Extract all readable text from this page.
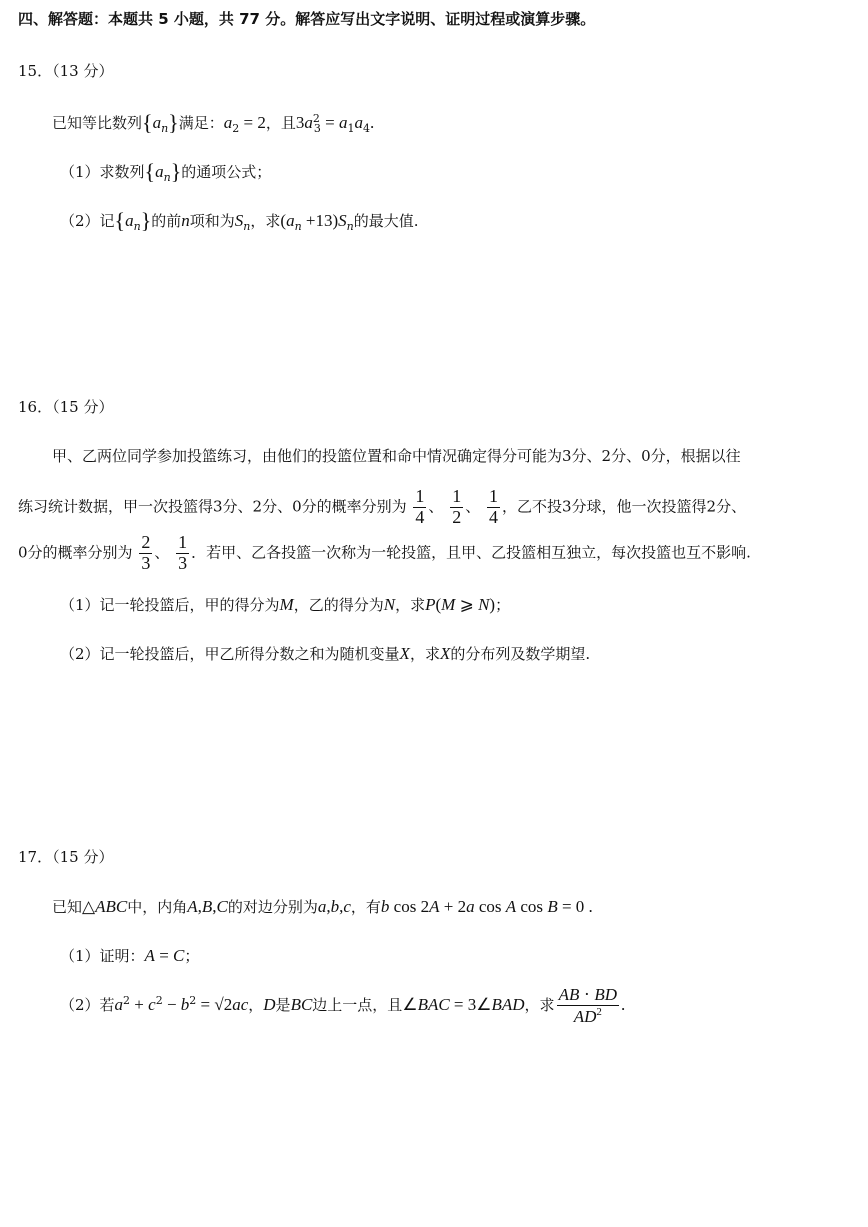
四、解答题：本题共 5 小题，共 77 分。解答应写出文字说明、证明过程或演算步骤。
15．（13 分）
已知等比数列$\{a_n\}$满足：$a_2 = 2$，且$3a^2_3 = a_1a_4$.
（1）求数列$\{a_n\}$的通项公式；
（2）记$\{a_n\}$的前n项和为$S_n$，求$(a_n +13)S_n$的最大值.
16．（15 分）
甲、乙两位同学参加投篮练习，由他们的投篮位置和命中情况确定得分可能为3分、2分、0分，根据以往
练习统计数据，甲一次投篮得3分、2分、0分的概率分别为 $\frac{1}{4}$ 、 $\frac{1}{2}$ 、 $\frac{1}{4}$ ，乙不投3分球，他一次投篮得2分、
0分的概率分别为 $\frac{2}{3}$ 、 $\frac{1}{3}$ ．若甲、乙各投篮一次称为一轮投篮，且甲、乙投篮相互独立，每次投篮也互不影响.
（1）记一轮投篮后，甲的得分为M，乙的得分为N，求P(M ⩾ N)；
（2）记一轮投篮后，甲乙所得分数之和为随机变量X，求X的分布列及数学期望.
17．（15 分）
已知△ABC中，内角A,B,C的对边分别为a,b,c，有b cos 2A + 2a cos A cos B = 0 .
（1）证明：A = C；
（2）若$a^2 + c^2 - b^2 = √2ac$，D是BC边上一点，且∠BAC = 3∠BAD，求 $\frac{AB \cdot BD}{AD^2}$ .
